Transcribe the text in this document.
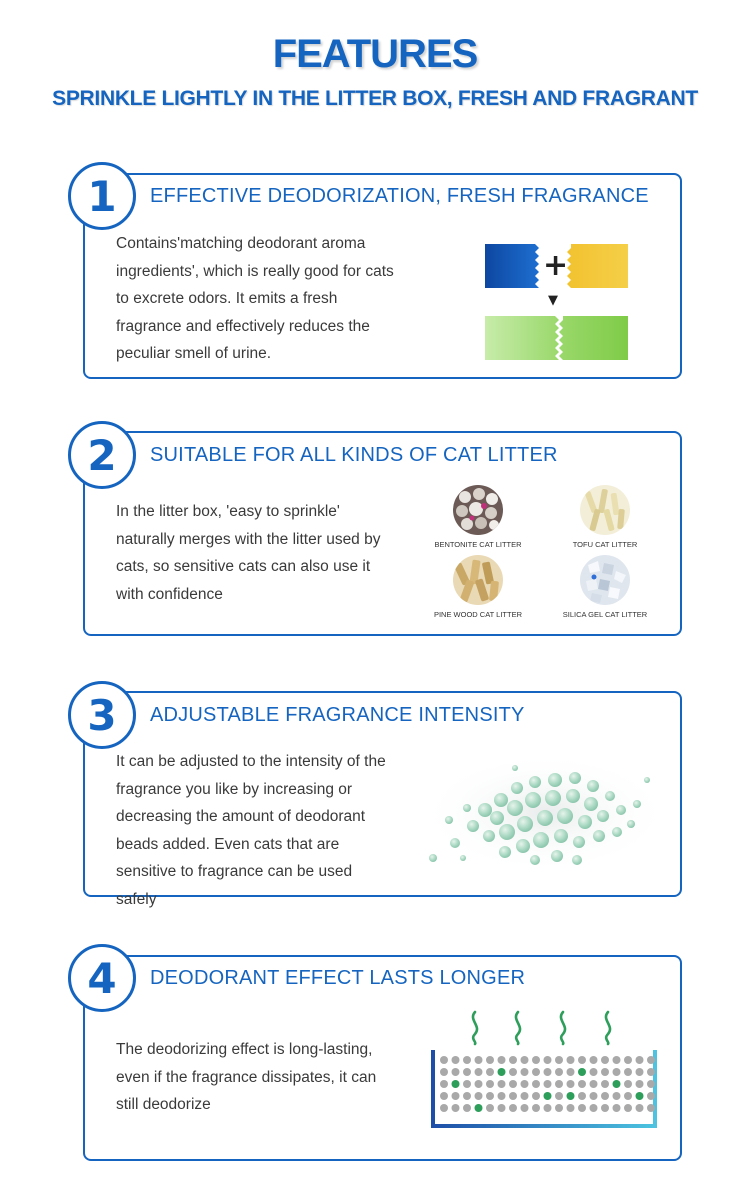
FEATURES
SPRINKLE LIGHTLY IN THE LITTER BOX, FRESH AND FRAGRANT
1	EFFECTIVE DEODORIZATION, FRESH FRAGRANCE
Contains'matching deodorant aroma ingredients', which is really good for cats to excrete odors. It emits a fresh fragrance and effectively reduces the peculiar smell of urine.
+
▼
2	SUITABLE FOR ALL KINDS OF CAT LITTER
In the litter box, 'easy to sprinkle' naturally merges with the litter used by cats, so sensitive cats can also use it with confidence
BENTONITE CAT LITTER	TOFU CAT LITTER
PINE WOOD CAT LITTER	SILICA GEL CAT LITTER
3	ADJUSTABLE FRAGRANCE INTENSITY
It can be adjusted to the intensity of the fragrance you like by increasing or decreasing the amount of deodorant beads added. Even cats that are sensitive to fragrance can be used safely
4	DEODORANT EFFECT LASTS LONGER
The deodorizing effect is long-lasting, even if the fragrance dissipates, it can still deodorize
